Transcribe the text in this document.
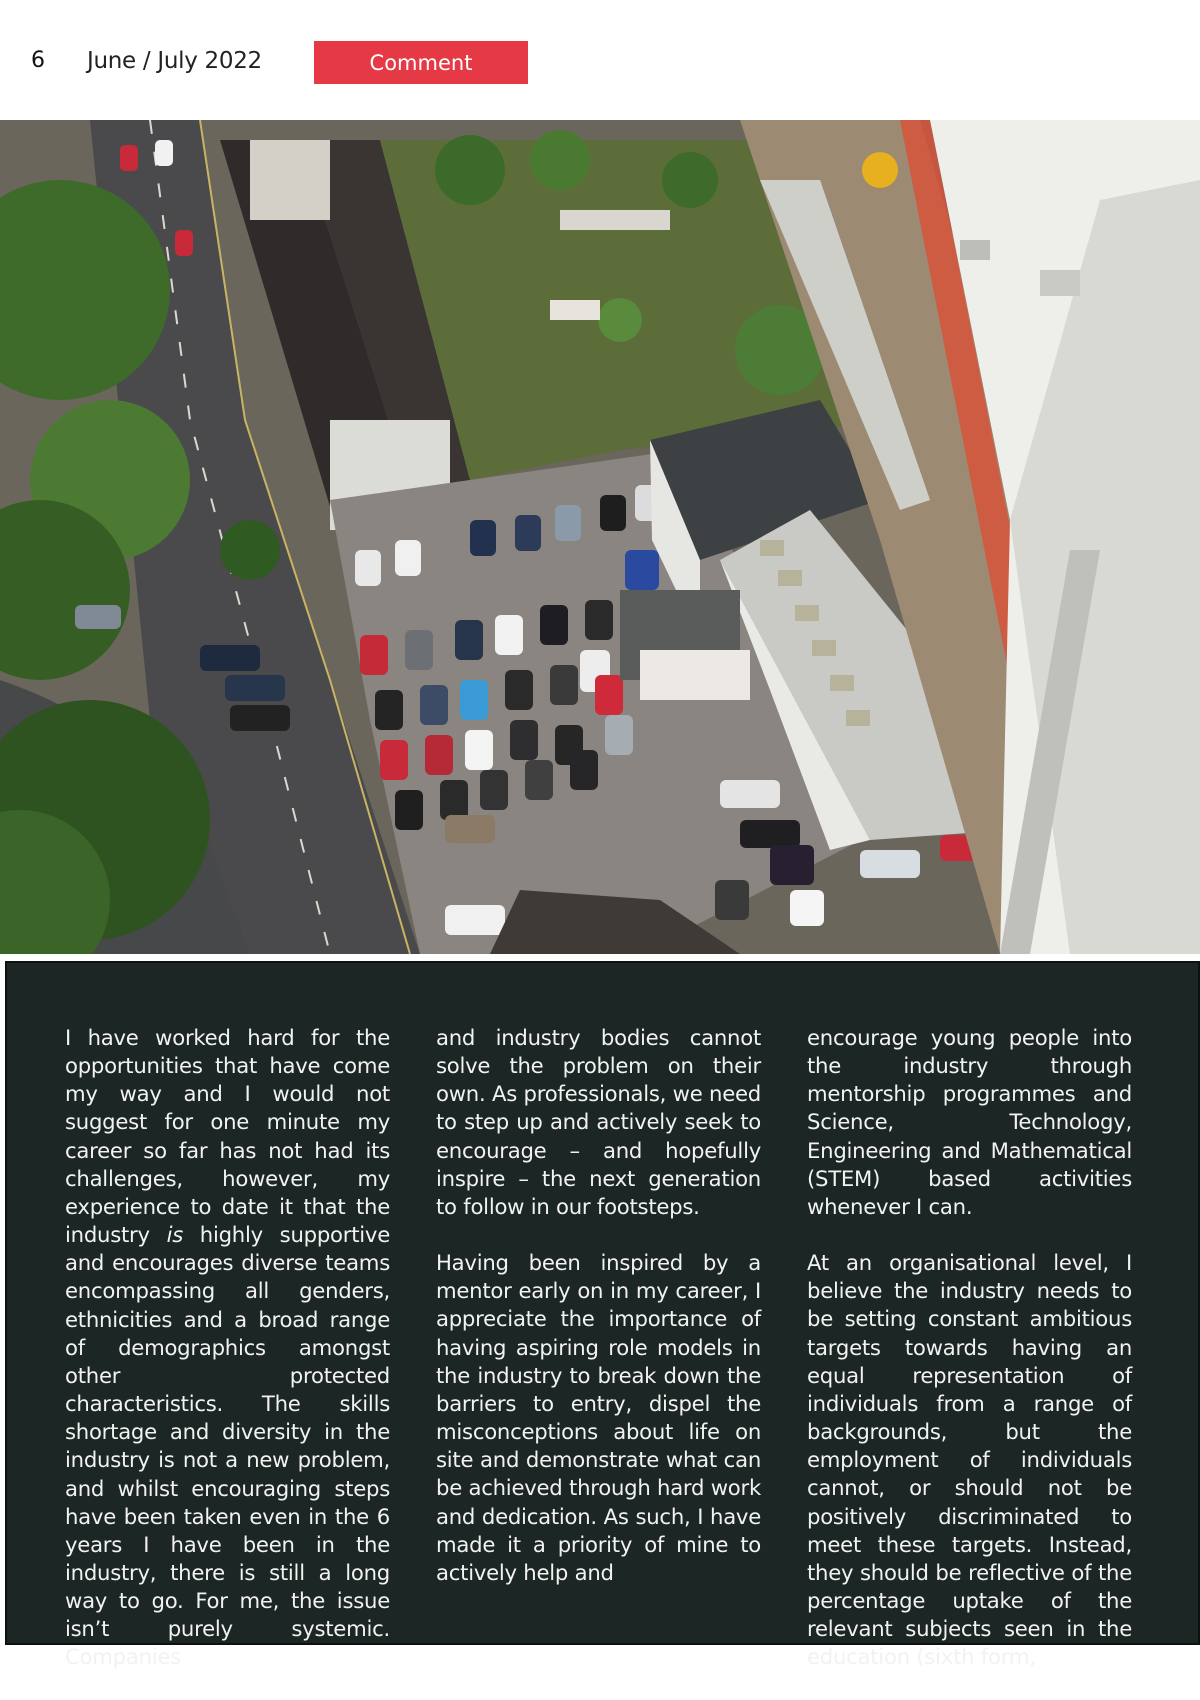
6 June / July 2022	Comment

I have worked hard for the opportunities that have come my way and I would not suggest for one minute my career so far has not had its challenges, however, my experience to date it that the industry is highly supportive and encourages diverse teams encompassing all genders, ethnicities and a broad range of demographics amongst other protected characteristics. The skills shortage and diversity in the industry is not a new problem, and whilst encouraging steps have been taken even in the 6 years I have been in the industry, there is still a long way to go. For me, the issue isn’t purely systemic. Companies

and industry bodies cannot solve the problem on their own. As professionals, we need to step up and actively seek to encourage – and hopefully inspire – the next generation to follow in our footsteps.

Having been inspired by a mentor early on in my career, I appreciate the importance of having aspiring role models in the industry to break down the barriers to entry, dispel the misconceptions about life on site and demonstrate what can be achieved through hard work and dedication. As such, I have made it a priority of mine to actively help and

encourage young people into the industry through mentorship programmes and Science, Technology, Engineering and Mathematical (STEM) based activities whenever I can.

At an organisational level, I believe the industry needs to be setting constant ambitious targets towards having an equal representation of individuals from a range of backgrounds, but the employment of individuals cannot, or should not be positively discriminated to meet these targets. Instead, they should be reflective of the percentage uptake of the relevant subjects seen in the education (sixth form,
